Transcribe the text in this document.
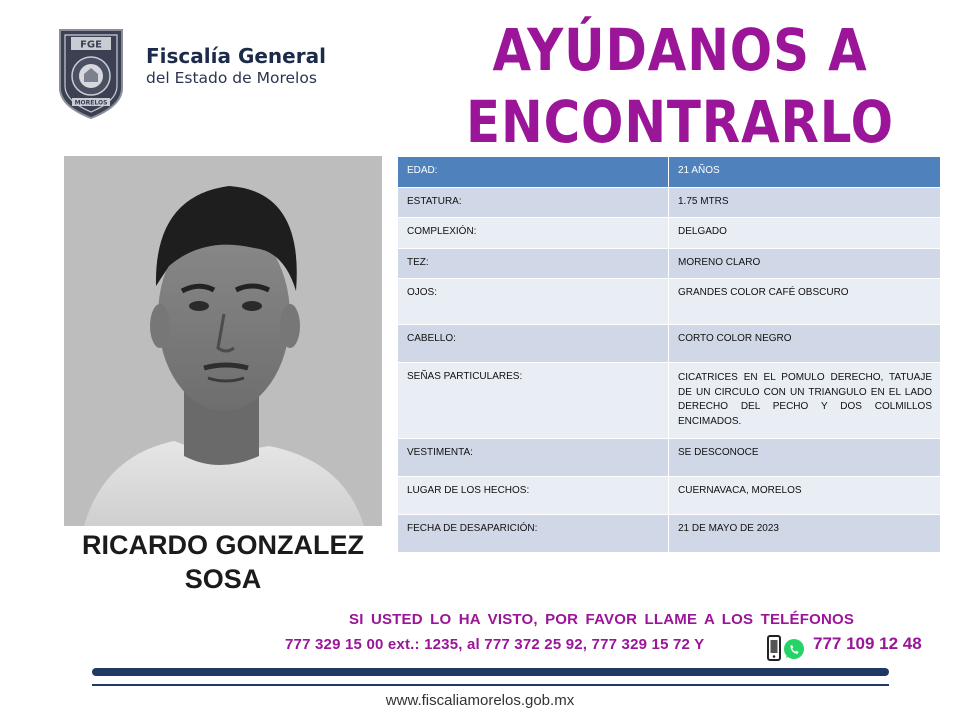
FGE
MORELOS
Fiscalía General
del Estado de Morelos	AYÚDANOS A
ENCONTRARLO
RICARDO GONZALEZ
SOSA
EDAD:	21 AÑOS
ESTATURA:	1.75 MTRS
COMPLEXIÓN:	DELGADO
TEZ:	MORENO CLARO
OJOS:	GRANDES COLOR CAFÉ OBSCURO
CABELLO:	CORTO COLOR NEGRO
SEÑAS PARTICULARES:	CICATRICES EN EL POMULO DERECHO, TATUAJE DE UN CIRCULO CON UN TRIANGULO EN EL LADO DERECHO DEL PECHO Y DOS COLMILLOS ENCIMADOS.
VESTIMENTA:	SE DESCONOCE
LUGAR DE LOS HECHOS:	CUERNAVACA, MORELOS
FECHA DE DESAPARICIÓN:	21 DE MAYO DE 2023
SI USTED LO HA VISTO, POR FAVOR LLAME A LOS TELÉFONOS
777 329 15 00 ext.: 1235, al 777 372 25 92, 777 329 15 72 Y	777 109 12 48
www.fiscaliamorelos.gob.mx
